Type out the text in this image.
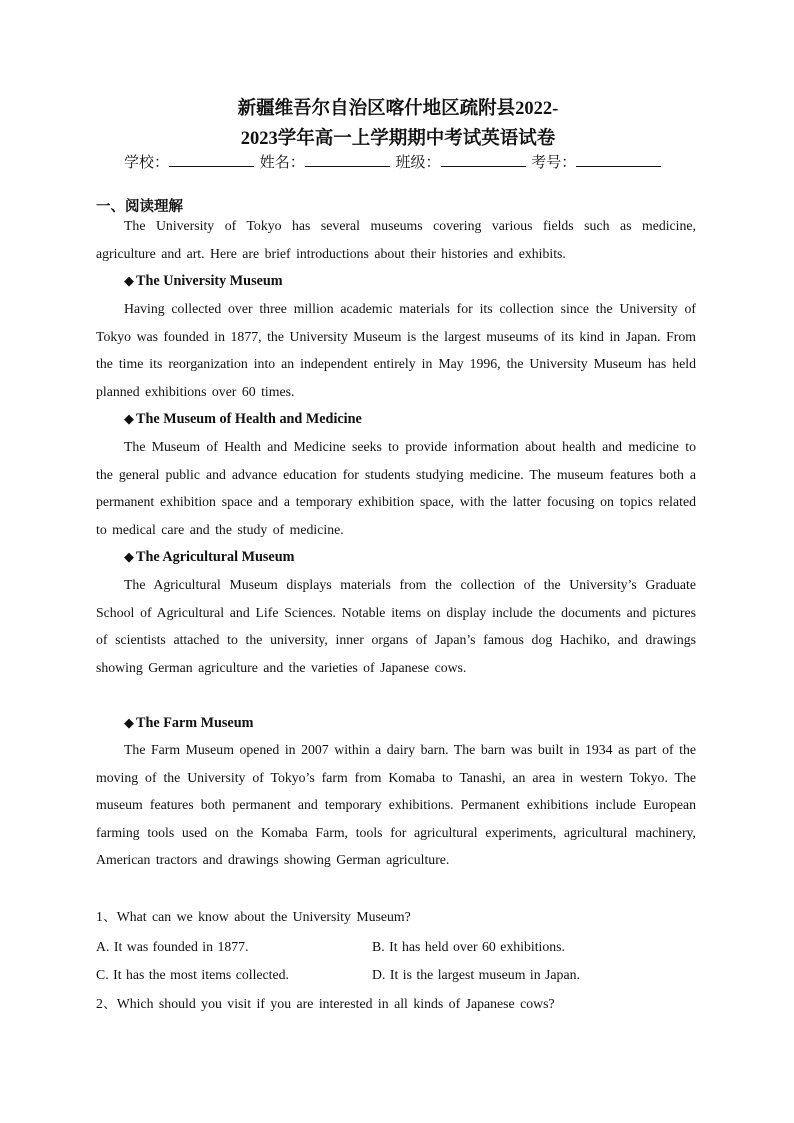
新疆维吾尔自治区喀什地区疏附县2022-
2023学年高一上学期期中考试英语试卷
学校：	姓名：	班级：	考号：
一、阅读理解
The University of Tokyo has several museums covering various fields such as medicine, agriculture and art. Here are brief introductions about their histories and exhibits.
◆ The University Museum
Having collected over three million academic materials for its collection since the University of Tokyo was founded in 1877, the University Museum is the largest museums of its kind in Japan. From the time its reorganization into an independent entirely in May 1996, the University Museum has held planned exhibitions over 60 times.
◆ The Museum of Health and Medicine
The Museum of Health and Medicine seeks to provide information about health and medicine to the general public and advance education for students studying medicine. The museum features both a permanent exhibition space and a temporary exhibition space, with the latter focusing on topics related to medical care and the study of medicine.
◆ The Agricultural Museum
The Agricultural Museum displays materials from the collection of the University’s Graduate School of Agricultural and Life Sciences. Notable items on display include the documents and pictures of scientists attached to the university, inner organs of Japan’s famous dog Hachiko, and drawings showing German agriculture and the varieties of Japanese cows.
◆ The Farm Museum
The Farm Museum opened in 2007 within a dairy barn. The barn was built in 1934 as part of the moving of the University of Tokyo’s farm from Komaba to Tanashi, an area in western Tokyo. The museum features both permanent and temporary exhibitions. Permanent exhibitions include European farming tools used on the Komaba Farm, tools for agricultural experiments, agricultural machinery, American tractors and drawings showing German agriculture.
1、What can we know about the University Museum?
A. It was founded in 1877.	B. It has held over 60 exhibitions.
C. It has the most items collected.	D. It is the largest museum in Japan.
2、Which should you visit if you are interested in all kinds of Japanese cows?
